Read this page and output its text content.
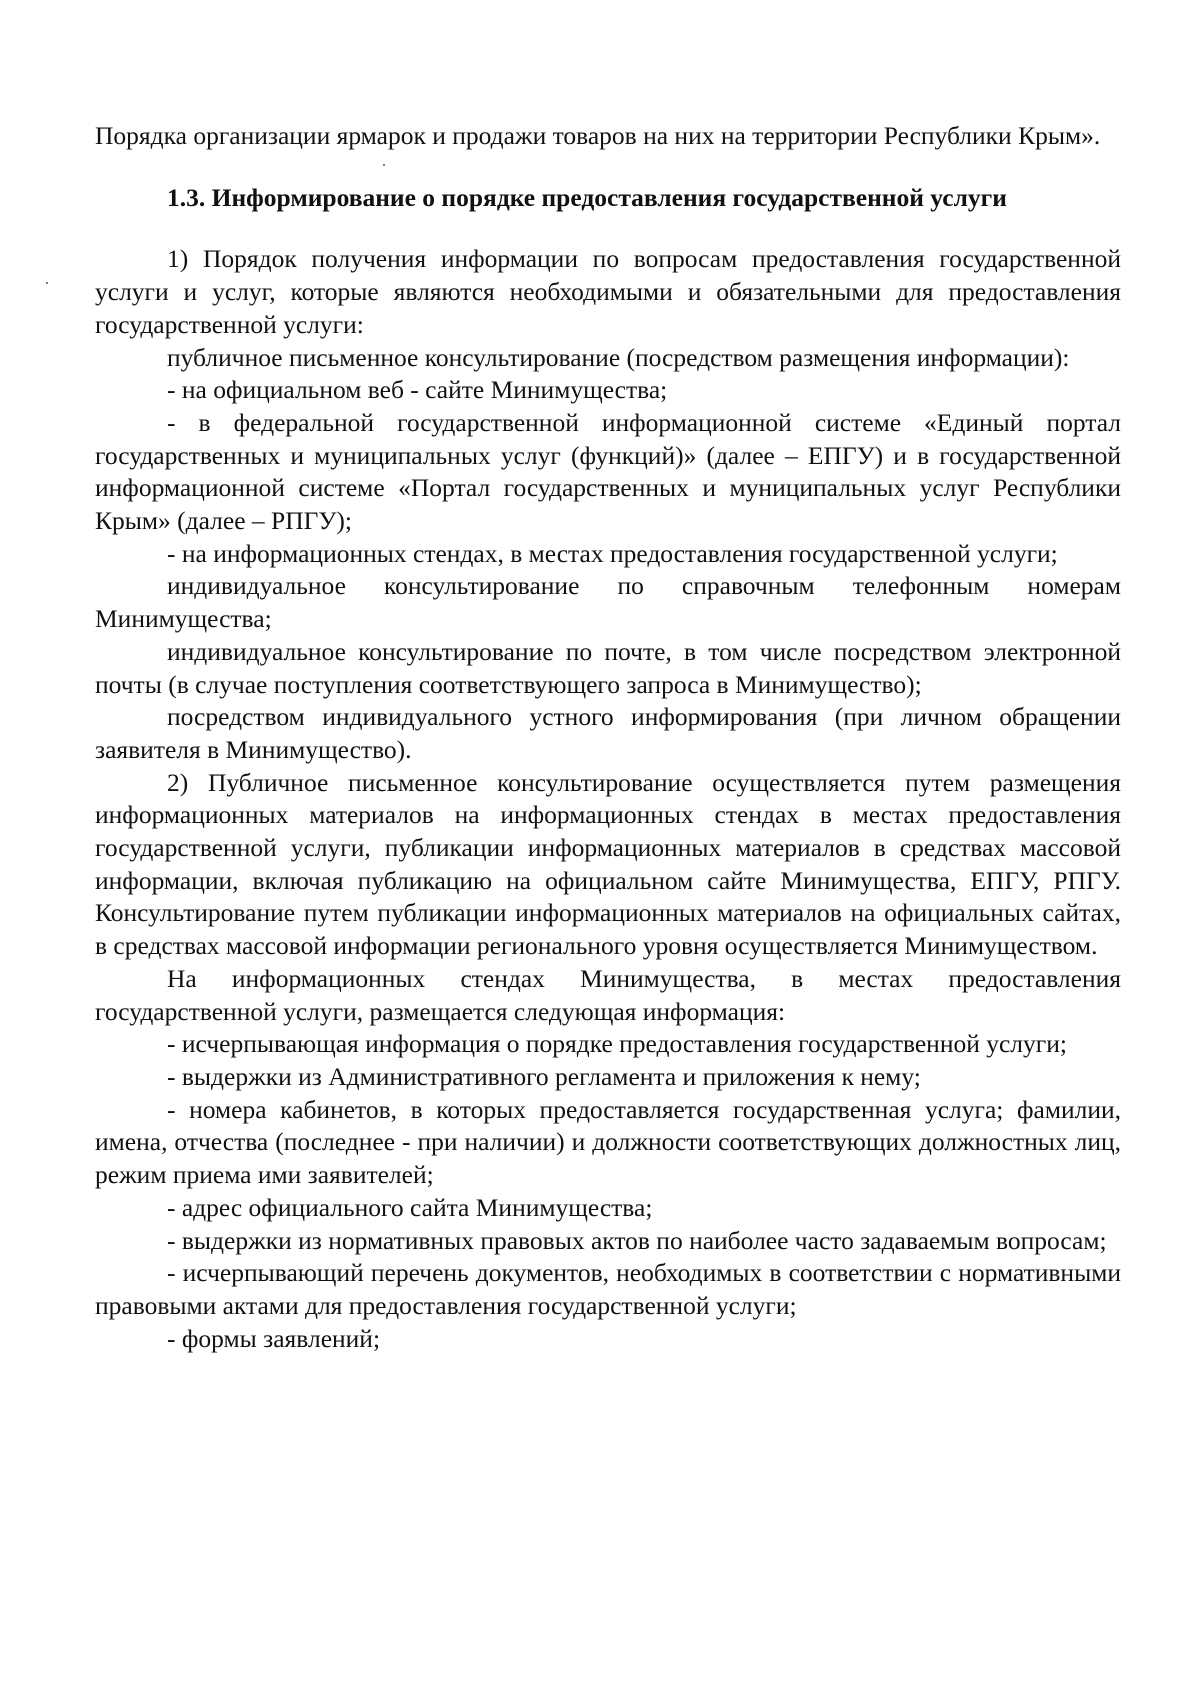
Порядка организации ярмарок и продажи товаров на них на территории Республики Крым».

1.3. Информирование о порядке предоставления государственной услуги

1) Порядок получения информации по вопросам предоставления государственной услуги и услуг, которые являются необходимыми и обязательными для предоставления государственной услуги:

публичное письменное консультирование (посредством размещения информации):

- на официальном веб - сайте Минимущества;

- в федеральной государственной информационной системе «Единый портал государственных и муниципальных услуг (функций)» (далее – ЕПГУ) и в государственной информационной системе «Портал государственных и муниципальных услуг Республики Крым» (далее – РПГУ);

- на информационных стендах, в местах предоставления государственной услуги;

индивидуальное консультирование по справочным телефонным номерам Минимущества;

индивидуальное консультирование по почте, в том числе посредством электронной почты (в случае поступления соответствующего запроса в Минимущество);

посредством индивидуального устного информирования (при личном обращении заявителя в Минимущество).

2) Публичное письменное консультирование осуществляется путем размещения информационных материалов на информационных стендах в местах предоставления государственной услуги, публикации информационных материалов в средствах массовой информации, включая публикацию на официальном сайте Минимущества, ЕПГУ, РПГУ. Консультирование путем публикации информационных материалов на официальных сайтах, в средствах массовой информации регионального уровня осуществляется Минимуществом.

На информационных стендах Минимущества, в местах предоставления государственной услуги, размещается следующая информация:

- исчерпывающая информация о порядке предоставления государственной услуги;

- выдержки из Административного регламента и приложения к нему;

- номера кабинетов, в которых предоставляется государственная услуга; фамилии, имена, отчества (последнее - при наличии) и должности соответствующих должностных лиц, режим приема ими заявителей;

- адрес официального сайта Минимущества;

- выдержки из нормативных правовых актов по наиболее часто задаваемым вопросам;

- исчерпывающий перечень документов, необходимых в соответствии с нормативными правовыми актами для предоставления государственной услуги;

- формы заявлений;
